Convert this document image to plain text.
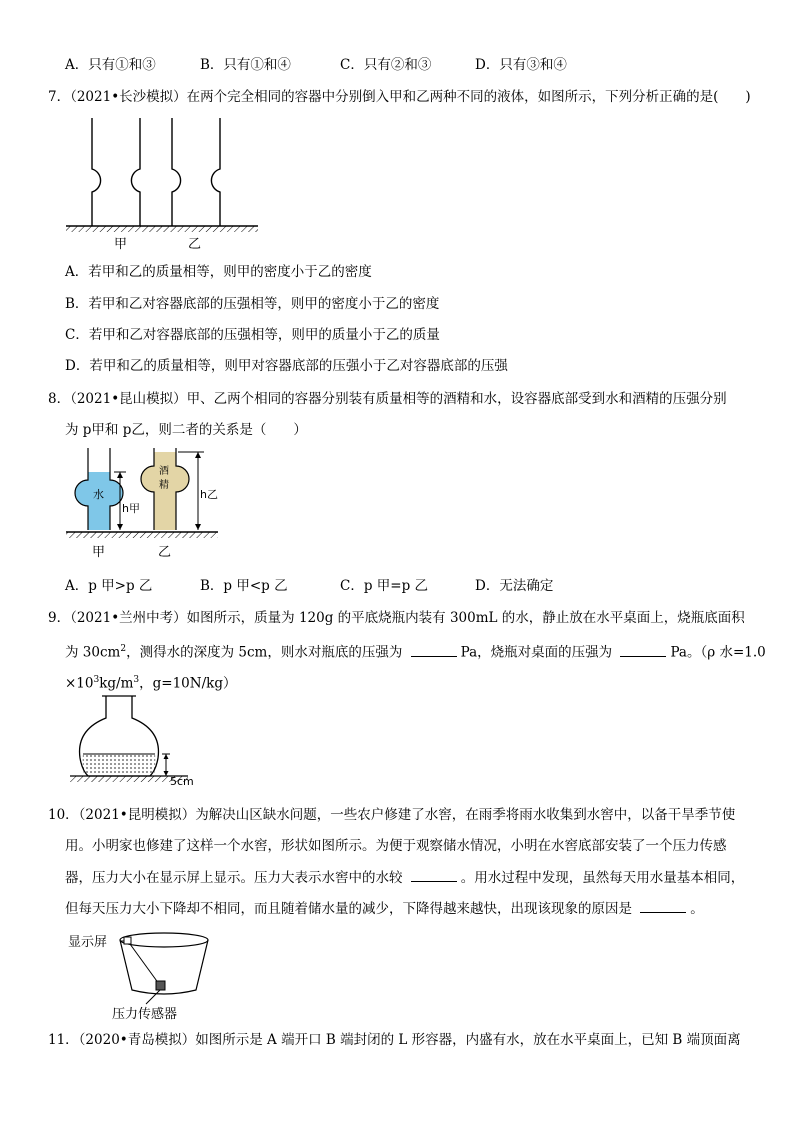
A．只有①和③	B．只有①和④	C．只有②和③	D．只有③和④
7．（2021•长沙模拟）在两个完全相同的容器中分别倒入甲和乙两种不同的液体，如图所示，下列分析正确的是(　　)
甲	乙
A．若甲和乙的质量相等，则甲的密度小于乙的密度
B．若甲和乙对容器底部的压强相等，则甲的密度小于乙的密度
C．若甲和乙对容器底部的压强相等，则甲的质量小于乙的质量
D．若甲和乙的质量相等，则甲对容器底部的压强小于乙对容器底部的压强
8．（2021•昆山模拟）甲、乙两个相同的容器分别装有质量相等的酒精和水，设容器底部受到水和酒精的压强分别
为 p甲和 p乙，则二者的关系是（　　）
水
h甲
酒
精
h乙
甲	乙
A．p 甲>p 乙	B．p 甲<p 乙	C．p 甲=p 乙	D．无法确定
9．（2021•兰州中考）如图所示，质量为 120g 的平底烧瓶内装有 300mL 的水，静止放在水平桌面上，烧瓶底面积
为 $30cm^2$，测得水的深度为 5cm，则水对瓶底的压强为	Pa，烧瓶对桌面的压强为	Pa。（ρ 水=1.0
$\times 10^3kg/m^3$，g=10N/kg）
5cm
10．（2021•昆明模拟）为解决山区缺水问题，一些农户修建了水窖，在雨季将雨水收集到水窖中，以备干旱季节使
用。小明家也修建了这样一个水窖，形状如图所示。为便于观察储水情况，小明在水窖底部安装了一个压力传感
器，压力大小在显示屏上显示。压力大表示水窖中的水较	。用水过程中发现，虽然每天用水量基本相同，
但每天压力大小下降却不相同，而且随着储水量的减少，下降得越来越快，出现该现象的原因是	。
显示屏
压力传感器
11．（2020•青岛模拟）如图所示是 A 端开口 B 端封闭的 L 形容器，内盛有水，放在水平桌面上，已知 B 端顶面离
